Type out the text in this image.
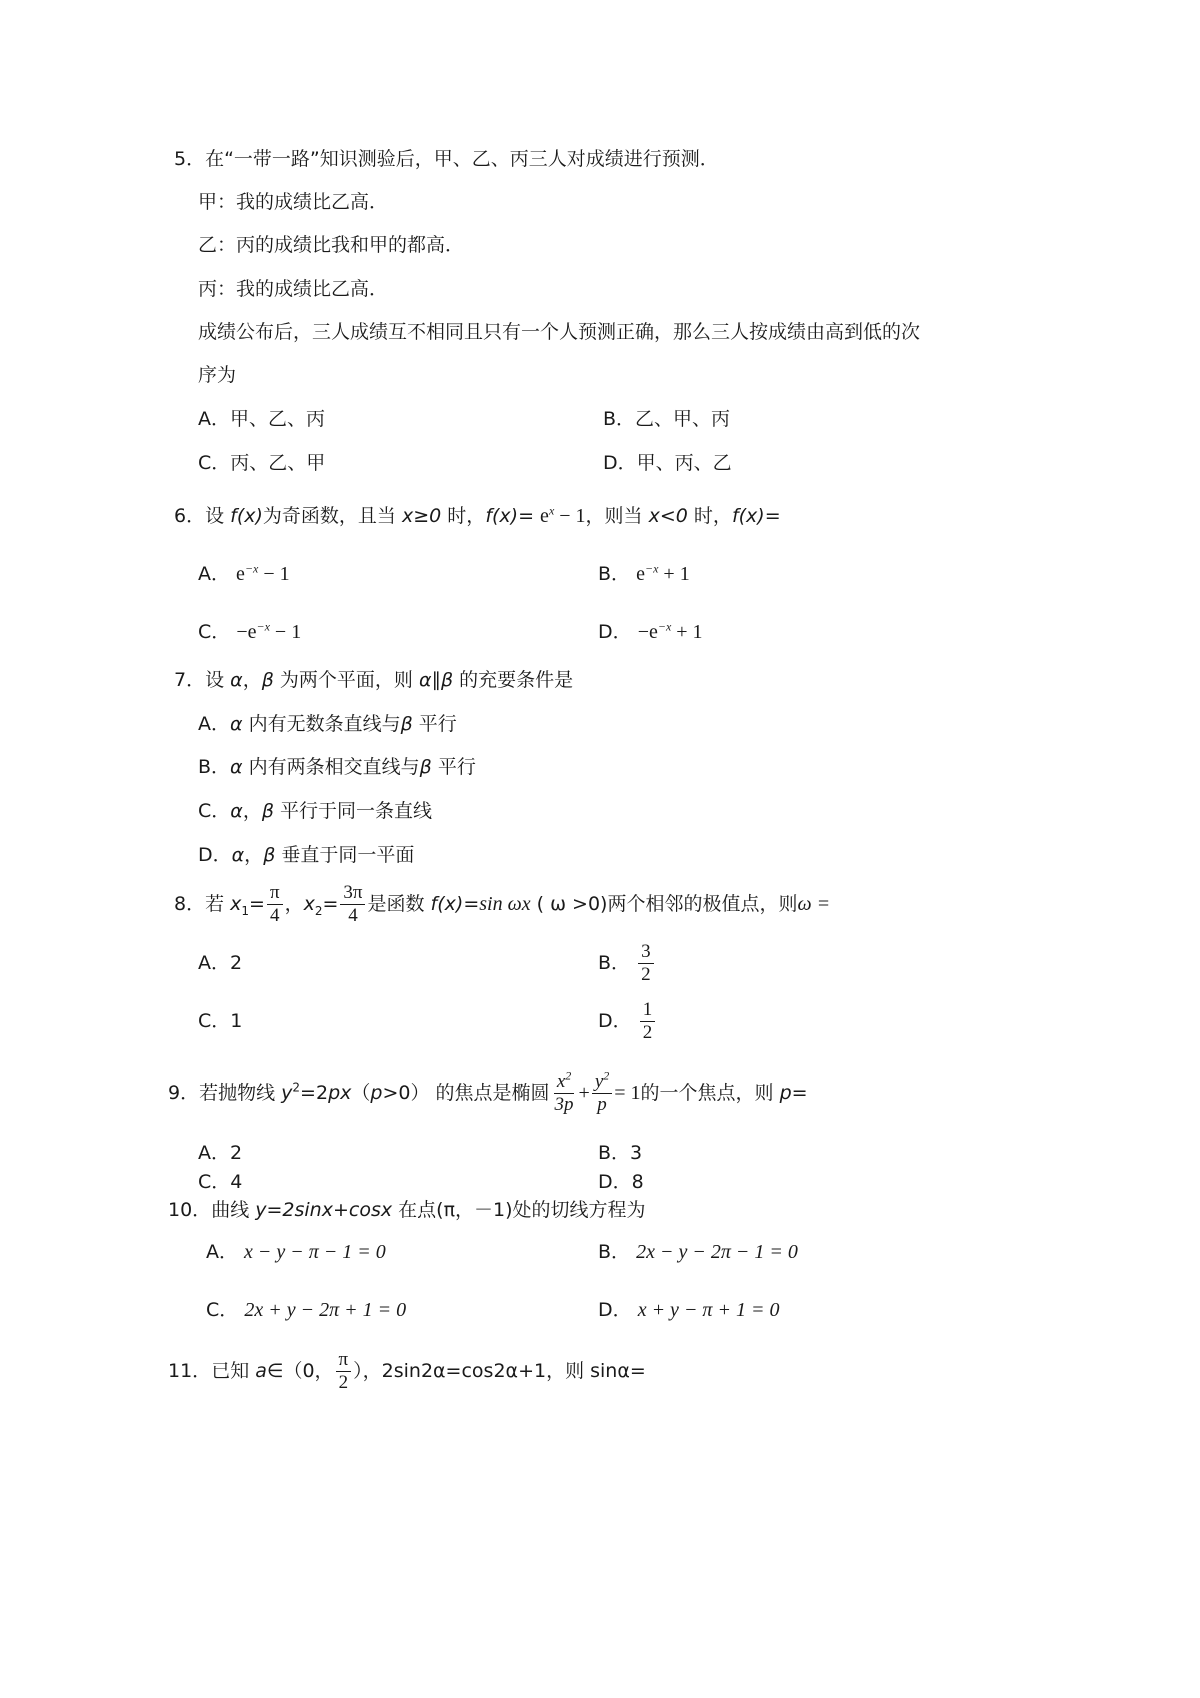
5．在“一带一路”知识测验后，甲、乙、丙三人对成绩进行预测．
甲：我的成绩比乙高．
乙：丙的成绩比我和甲的都高．
丙：我的成绩比乙高．
成绩公布后，三人成绩互不相同且只有一个人预测正确，那么三人按成绩由高到低的次
序为
A．甲、乙、丙	B．乙、甲、丙
C．丙、乙、甲	D．甲、丙、乙
6．设 f(x)为奇函数，且当 x≥0 时，$f(x)= e^x - 1$，则当 x<0 时，f(x)=
A． $e^{-x} - 1$	B． $e^{-x} + 1$
C． $-e^{-x} - 1$	D． $-e^{-x} + 1$
7．设 α，β 为两个平面，则 α∥β 的充要条件是
A．α 内有无数条直线与β 平行
B．α 内有两条相交直线与β 平行
C．α，β 平行于同一条直线
D．α，β 垂直于同一平面
8．若 $x_1= \frac{\pi}{4}$ ，$x_2= \frac{3\pi}{4}$ 是函数 f(x)=sin ωx ( ω >0)两个相邻的极值点，则ω =
A．2	B． $\frac{3}{2}$
C．1	D． $\frac{1}{2}$
9．若抛物线 $y^2=2px(p>0)$ 的焦点是椭圆 $\frac{x^2}{3p} + \frac{y^2}{p} = 1$的一个焦点，则 p=
A．2	B．3
C．4	D．8
10．曲线 y=2sinx+cosx 在点(π，－1)处的切线方程为
A． x − y − π − 1 = 0	B． 2x − y − 2π − 1 = 0
C． 2x + y − 2π + 1 = 0	D． x + y − π + 1 = 0
11．已知 a∈（0， $\frac{\pi}{2}$ ），2sin2α=cos2α+1，则 sinα=
